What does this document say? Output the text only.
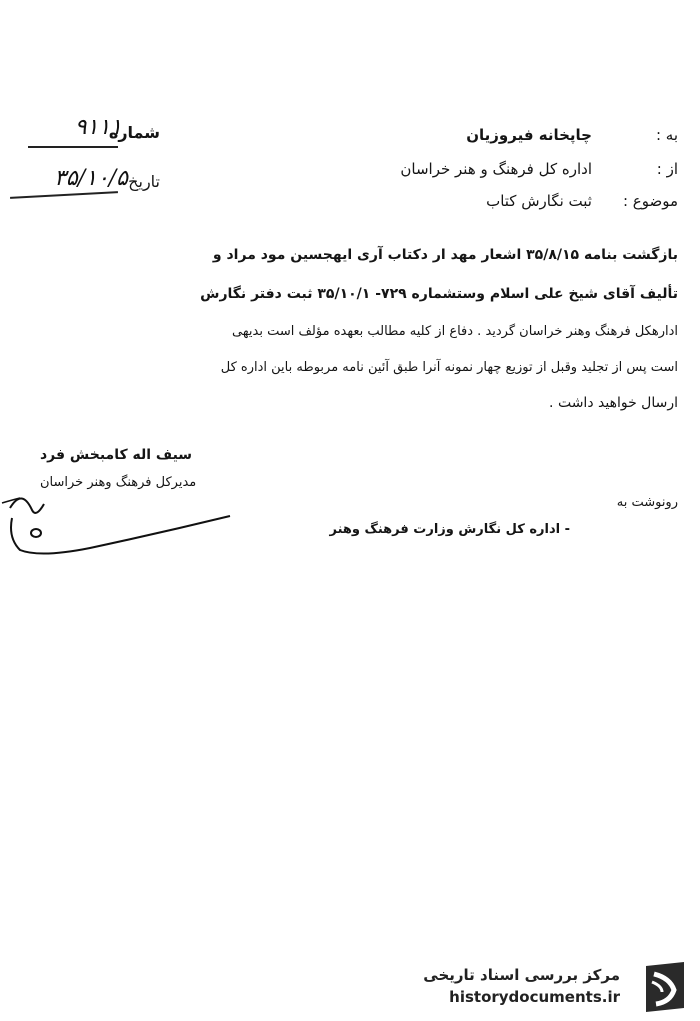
شماره
۹۱۱۱
تاریخ
۳۵/۱۰/۵
به :
چاپخانه فیروزیان
از :
اداره کل فرهنگ و هنر خراسان
موضوع :
ثبت نگارش کتاب
بازگشت بنامه ۳۵/۸/۱۵ اشعار مهد ار دکتاب آری ایهجسین مود مراد و
تألیف آقای شیخ علی اسلام وستشماره ۷۲۹- ۳۵/۱۰/۱ ثبت دفتر نگارش
ادارهکل فرهنگ وهنر خراسان گردید . دفاع از کلیه مطالب بعهده مؤلف است بدیهی
است پس از تجلید وقبل از توزیع چهار نمونه آنرا طبق آئین نامه مربوطه باین اداره کل
ارسال خواهید داشت .
سیف اله کامبخش فرد
مدیرکل فرهنگ وهنر خراسان
رونوشت به
- اداره کل نگارش وزارت فرهنگ وهنر
مرکز بررسی اسناد تاریخی
historydocuments.ir
